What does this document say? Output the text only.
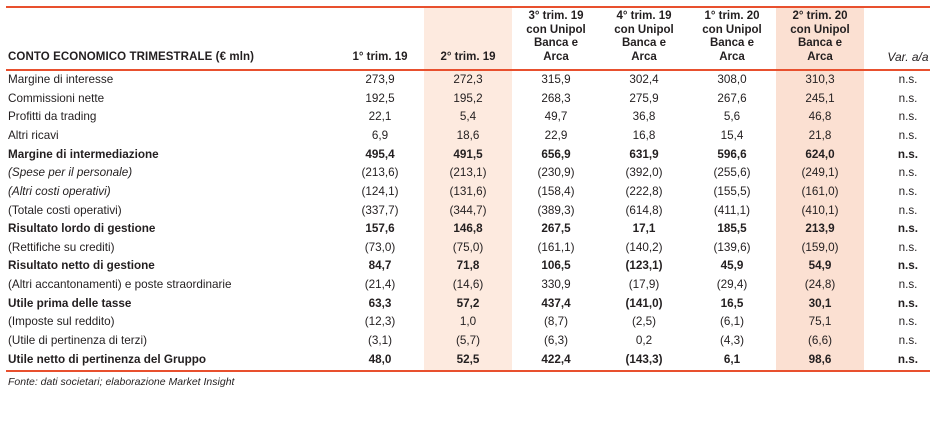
CONTO ECONOMICO TRIMESTRALE (€ mln)	1° trim. 19	2° trim. 19	3° trim. 19
con Unipol
Banca e
Arca	4° trim. 19
con Unipol
Banca e
Arca	1° trim. 20
con Unipol
Banca e
Arca	2° trim. 20
con Unipol
Banca e
Arca	Var. a/a
Margine di interesse	273,9	272,3	315,9	302,4	308,0	310,3	n.s.
Commissioni nette	192,5	195,2	268,3	275,9	267,6	245,1	n.s.
Profitti da trading	22,1	5,4	49,7	36,8	5,6	46,8	n.s.
Altri ricavi	6,9	18,6	22,9	16,8	15,4	21,8	n.s.
Margine di intermediazione	495,4	491,5	656,9	631,9	596,6	624,0	n.s.
(Spese per il personale)	(213,6)	(213,1)	(230,9)	(392,0)	(255,6)	(249,1)	n.s.
(Altri costi operativi)	(124,1)	(131,6)	(158,4)	(222,8)	(155,5)	(161,0)	n.s.
(Totale costi operativi)	(337,7)	(344,7)	(389,3)	(614,8)	(411,1)	(410,1)	n.s.
Risultato lordo di gestione	157,6	146,8	267,5	17,1	185,5	213,9	n.s.
(Rettifiche su crediti)	(73,0)	(75,0)	(161,1)	(140,2)	(139,6)	(159,0)	n.s.
Risultato netto di gestione	84,7	71,8	106,5	(123,1)	45,9	54,9	n.s.
(Altri accantonamenti) e poste straordinarie	(21,4)	(14,6)	330,9	(17,9)	(29,4)	(24,8)	n.s.
Utile prima delle tasse	63,3	57,2	437,4	(141,0)	16,5	30,1	n.s.
(Imposte sul reddito)	(12,3)	1,0	(8,7)	(2,5)	(6,1)	75,1	n.s.
(Utile di pertinenza di terzi)	(3,1)	(5,7)	(6,3)	0,2	(4,3)	(6,6)	n.s.
Utile netto di pertinenza del Gruppo	48,0	52,5	422,4	(143,3)	6,1	98,6	n.s.
Fonte: dati societari; elaborazione Market Insight
